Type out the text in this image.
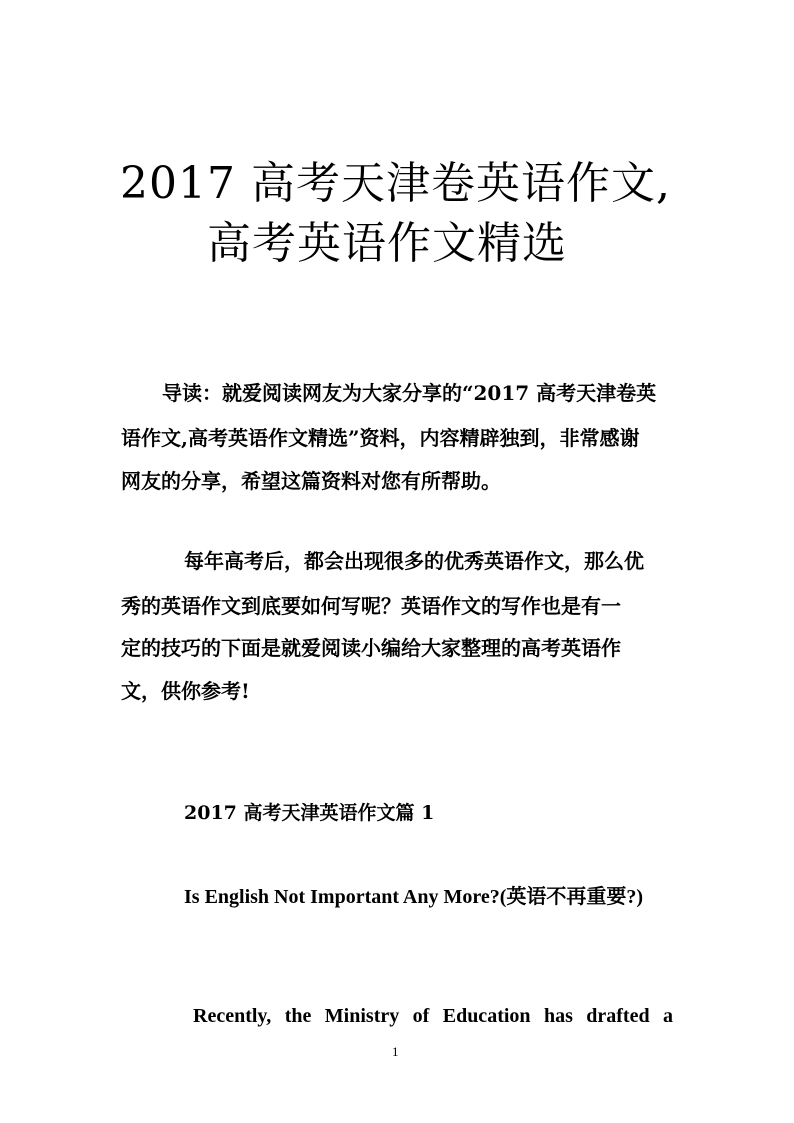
2017 高考天津卷英语作文,
高考英语作文精选
导读：就爱阅读网友为大家分享的“2017 高考天津卷英
语作文,高考英语作文精选”资料，内容精辟独到，非常感谢
网友的分享，希望这篇资料对您有所帮助。
每年高考后，都会出现很多的优秀英语作文，那么优
秀的英语作文到底要如何写呢？英语作文的写作也是有一
定的技巧的下面是就爱阅读小编给大家整理的高考英语作
文，供你参考!
2017 高考天津英语作文篇 1
Is English Not Important Any More?(英语不再重要?)
Recently, the Ministry of Education has drafted a
1
